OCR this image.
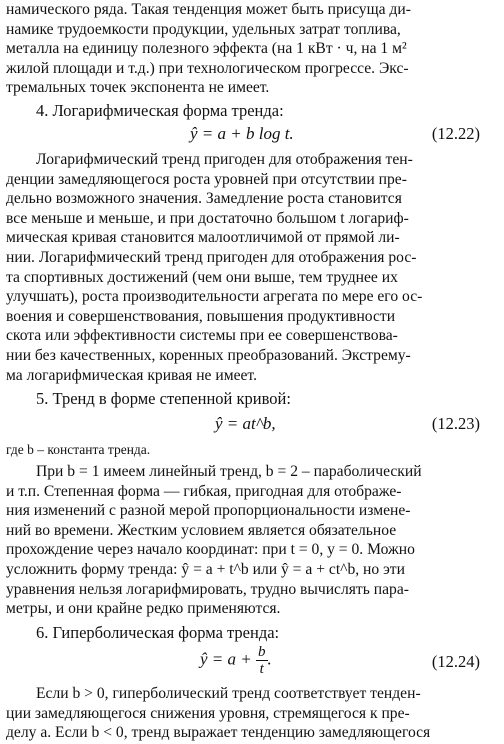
намического ряда. Такая тенденция может быть присуща ди-
намике трудоемкости продукции, удельных затрат топлива,
металла на единицу полезного эффекта (на 1 кВт · ч, на 1 м²
жилой площади и т.д.) при технологическом прогрессе. Экс-
тремальных точек экспонента не имеет.
4. Логарифмическая форма тренда:
ŷ = a + b log t.	(12.22)
Логарифмический тренд пригоден для отображения тен-
денции замедляющегося роста уровней при отсутствии пре-
дельно возможного значения. Замедление роста становится
все меньше и меньше, и при достаточно большом t логариф-
мическая кривая становится малоотличимой от прямой ли-
нии. Логарифмический тренд пригоден для отображения рос-
та спортивных достижений (чем они выше, тем труднее их
улучшать), роста производительности агрегата по мере его ос-
воения и совершенствования, повышения продуктивности
скота или эффективности системы при ее совершенствова-
нии без качественных, коренных преобразований. Экстрему-
ма логарифмическая кривая не имеет.
5. Тренд в форме степенной кривой:
ŷ = at^b,	(12.23)
где b – константа тренда.
При b = 1 имеем линейный тренд, b = 2 – параболический
и т.п. Степенная форма — гибкая, пригодная для отображе-
ния изменений с разной мерой пропорциональности измене-
ний во времени. Жестким условием является обязательное
прохождение через начало координат: при t = 0, y = 0. Можно
усложнить форму тренда: ŷ = a + t^b или ŷ = a + ct^b, но эти
уравнения нельзя логарифмировать, трудно вычислять пара-
метры, и они крайне редко применяются.
6. Гиперболическая форма тренда:
ŷ = $a + \frac{b}{t}$ .	(12.24)
Если b > 0, гиперболический тренд соответствует тенден-
ции замедляющегося снижения уровня, стремящегося к пре-
делу a. Если b < 0, тренд выражает тенденцию замедляющегося
